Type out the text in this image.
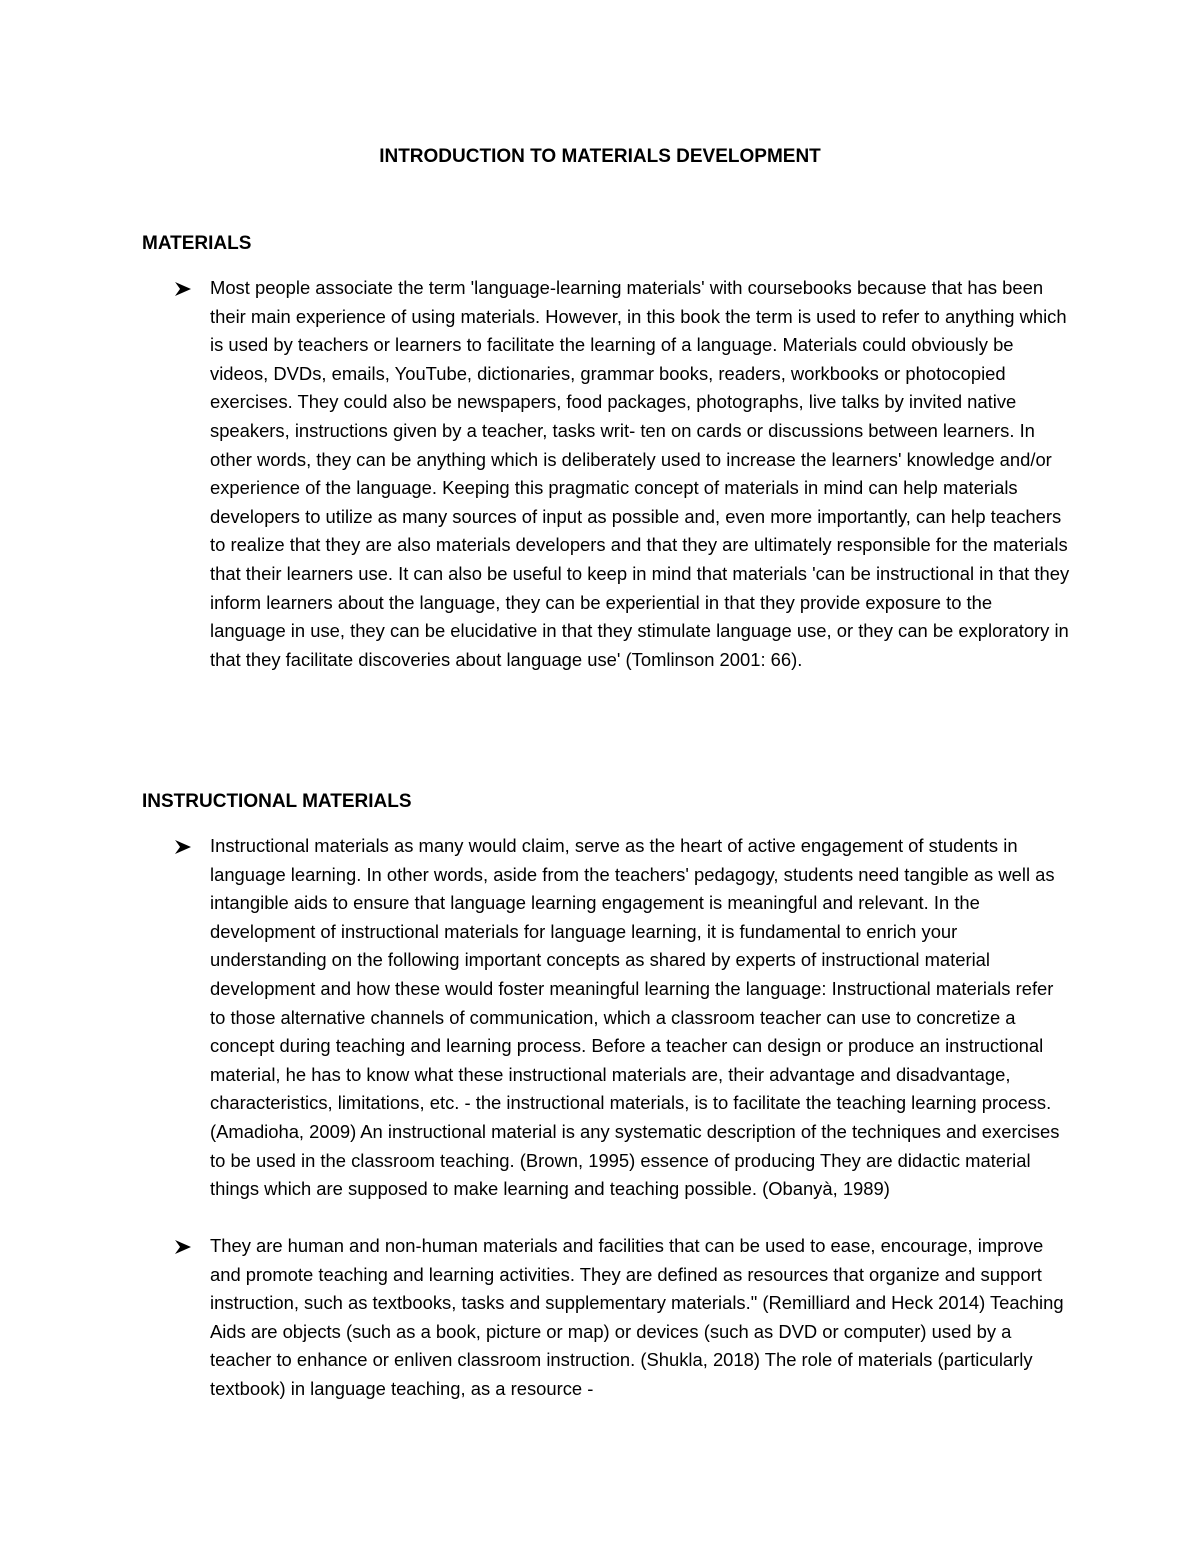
INTRODUCTION TO MATERIALS DEVELOPMENT
MATERIALS

Most people associate the term 'language-learning materials' with coursebooks because that has been their main experience of using materials. However, in this book the term is used to refer to anything which is used by teachers or learners to facilitate the learning of a language. Materials could obviously be videos, DVDs, emails, YouTube, dictionaries, grammar books, readers, workbooks or photocopied exercises. They could also be newspapers, food packages, photographs, live talks by invited native speakers, instructions given by a teacher, tasks writ- ten on cards or discussions between learners. In other words, they can be anything which is deliberately used to increase the learners' knowledge and/or experience of the language. Keeping this pragmatic concept of materials in mind can help materials developers to utilize as many sources of input as possible and, even more importantly, can help teachers to realize that they are also materials developers and that they are ultimately responsible for the materials that their learners use. It can also be useful to keep in mind that materials 'can be instructional in that they inform learners about the language, they can be experiential in that they provide exposure to the language in use, they can be elucidative in that they stimulate language use, or they can be exploratory in that they facilitate discoveries about language use' (Tomlinson 2001: 66).

INSTRUCTIONAL MATERIALS

Instructional materials as many would claim, serve as the heart of active engagement of students in language learning. In other words, aside from the teachers' pedagogy, students need tangible as well as intangible aids to ensure that language learning engagement is meaningful and relevant. In the development of instructional materials for language learning, it is fundamental to enrich your understanding on the following important concepts as shared by experts of instructional material development and how these would foster meaningful learning the language: Instructional materials refer to those alternative channels of communication, which a classroom teacher can use to concretize a concept during teaching and learning process. Before a teacher can design or produce an instructional material, he has to know what these instructional materials are, their advantage and disadvantage, characteristics, limitations, etc. - the instructional materials, is to facilitate the teaching learning process. (Amadioha, 2009) An instructional material is any systematic description of the techniques and exercises to be used in the classroom teaching. (Brown, 1995) essence of producing They are didactic material things which are supposed to make learning and teaching possible. (Obanyà, 1989)

They are human and non-human materials and facilities that can be used to ease, encourage, improve and promote teaching and learning activities. They are defined as resources that organize and support instruction, such as textbooks, tasks and supplementary materials." (Remilliard and Heck 2014) Teaching Aids are objects (such as a book, picture or map) or devices (such as DVD or computer) used by a teacher to enhance or enliven classroom instruction. (Shukla, 2018) The role of materials (particularly textbook) in language teaching, as a resource -
